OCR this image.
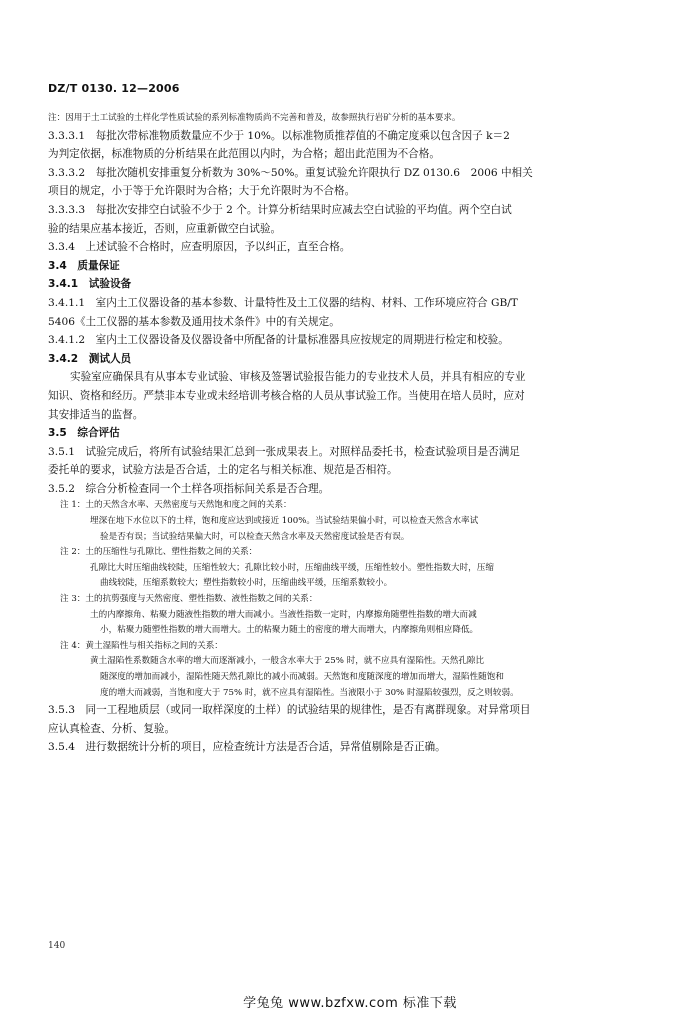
DZ/T 0130. 12—2006
注：因用于土工试验的土样化学性质试验的系列标准物质尚不完善和普及，故参照执行岩矿分析的基本要求。
3.3.3.1　每批次带标准物质数量应不少于 10%。以标准物质推荐值的不确定度乘以包含因子 k＝2
为判定依据，标准物质的分析结果在此范围以内时，为合格；超出此范围为不合格。
3.3.3.2　每批次随机安排重复分析数为 30%～50%。重复试验允许限执行 DZ 0130.6　2006 中相关
项目的规定，小于等于允许限时为合格；大于允许限时为不合格。
3.3.3.3　每批次安排空白试验不少于 2 个。计算分析结果时应减去空白试验的平均值。两个空白试
验的结果应基本接近，否则，应重新做空白试验。
3.3.4　上述试验不合格时，应查明原因，予以纠正，直至合格。
3.4　质量保证
3.4.1　试验设备
3.4.1.1　室内土工仪器设备的基本参数、计量特性及土工仪器的结构、材料、工作环境应符合 GB/T
5406《土工仪器的基本参数及通用技术条件》中的有关规定。
3.4.1.2　室内土工仪器设备及仪器设备中所配备的计量标准器具应按规定的周期进行检定和校验。
3.4.2　测试人员
实验室应确保具有从事本专业试验、审核及签署试验报告能力的专业技术人员，并具有相应的专业
知识、资格和经历。严禁非本专业或未经培训考核合格的人员从事试验工作。当使用在培人员时，应对
其安排适当的监督。
3.5　综合评估
3.5.1　试验完成后，将所有试验结果汇总到一张成果表上。对照样品委托书，检查试验项目是否满足
委托单的要求，试验方法是否合适，土的定名与相关标准、规范是否相符。
3.5.2　综合分析检查同一个土样各项指标间关系是否合理。
注 1：土的天然含水率、天然密度与天然饱和度之间的关系：
埋深在地下水位以下的土样，饱和度应达到或接近 100%。当试验结果偏小时，可以检查天然含水率试
验是否有误；当试验结果偏大时，可以检查天然含水率及天然密度试验是否有误。
注 2：土的压缩性与孔隙比、塑性指数之间的关系：
孔隙比大时压缩曲线较陡，压缩性较大；孔隙比较小时，压缩曲线平缓，压缩性较小。塑性指数大时，压缩
曲线较陡，压缩系数较大；塑性指数较小时，压缩曲线平缓，压缩系数较小。
注 3：土的抗剪强度与天然密度、塑性指数、液性指数之间的关系：
土的内摩擦角、粘聚力随液性指数的增大而减小。当液性指数一定时，内摩擦角随塑性指数的增大而减
小，粘聚力随塑性指数的增大而增大。土的粘聚力随土的密度的增大而增大，内摩擦角则相应降低。
注 4：黄土湿陷性与相关指标之间的关系：
黄土湿陷性系数随含水率的增大而逐渐减小，一般含水率大于 25% 时，就不应具有湿陷性。天然孔隙比
随深度的增加而减小，湿陷性随天然孔隙比的减小而减弱。天然饱和度随深度的增加而增大，湿陷性随饱和
度的增大而减弱，当饱和度大于 75% 时，就不应具有湿陷性。当液限小于 30% 时湿陷较强烈，反之则较弱。
3.5.3　同一工程地质层（或同一取样深度的土样）的试验结果的规律性，是否有离群现象。对异常项目
应认真检查、分析、复验。
3.5.4　进行数据统计分析的项目，应检查统计方法是否合适，异常值剔除是否正确。
140
学兔兔 www.bzfxw.com 标准下载
